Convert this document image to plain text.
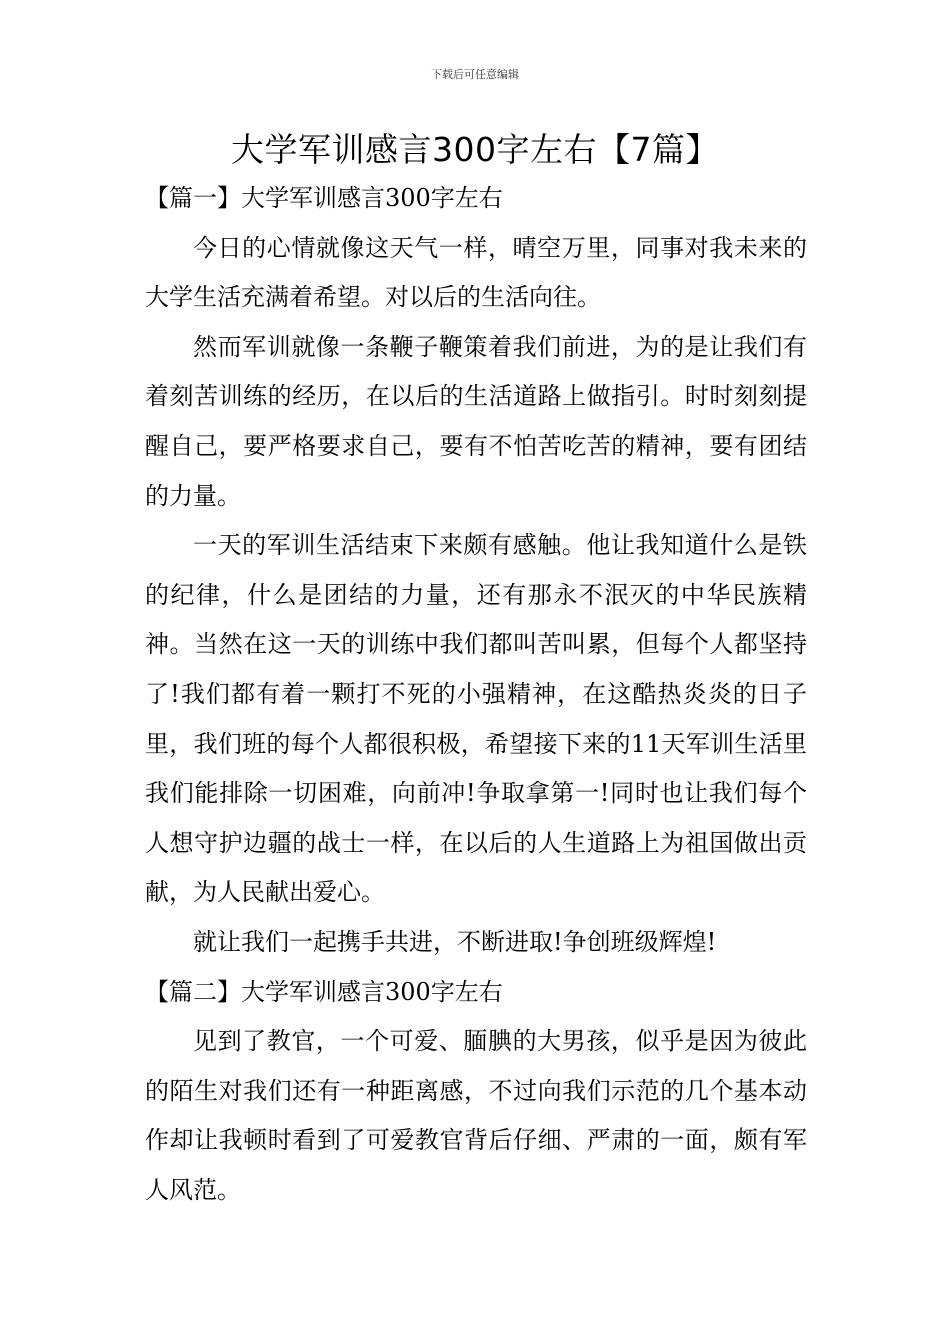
下载后可任意编辑
大学军训感言300字左右【7篇】
【篇一】大学军训感言300字左右

今日的心情就像这天气一样，晴空万里，同事对我未来的大学生活充满着希望。对以后的生活向往。

然而军训就像一条鞭子鞭策着我们前进，为的是让我们有着刻苦训练的经历，在以后的生活道路上做指引。时时刻刻提醒自己，要严格要求自己，要有不怕苦吃苦的精神，要有团结的力量。

一天的军训生活结束下来颇有感触。他让我知道什么是铁的纪律，什么是团结的力量，还有那永不泯灭的中华民族精神。当然在这一天的训练中我们都叫苦叫累，但每个人都坚持了!我们都有着一颗打不死的小强精神，在这酷热炎炎的日子里，我们班的每个人都很积极，希望接下来的11天军训生活里我们能排除一切困难，向前冲!争取拿第一!同时也让我们每个人想守护边疆的战士一样，在以后的人生道路上为祖国做出贡献，为人民献出爱心。

就让我们一起携手共进，不断进取!争创班级辉煌!

【篇二】大学军训感言300字左右

见到了教官，一个可爱、腼腆的大男孩，似乎是因为彼此的陌生对我们还有一种距离感，不过向我们示范的几个基本动作却让我顿时看到了可爱教官背后仔细、严肃的一面，颇有军人风范。
